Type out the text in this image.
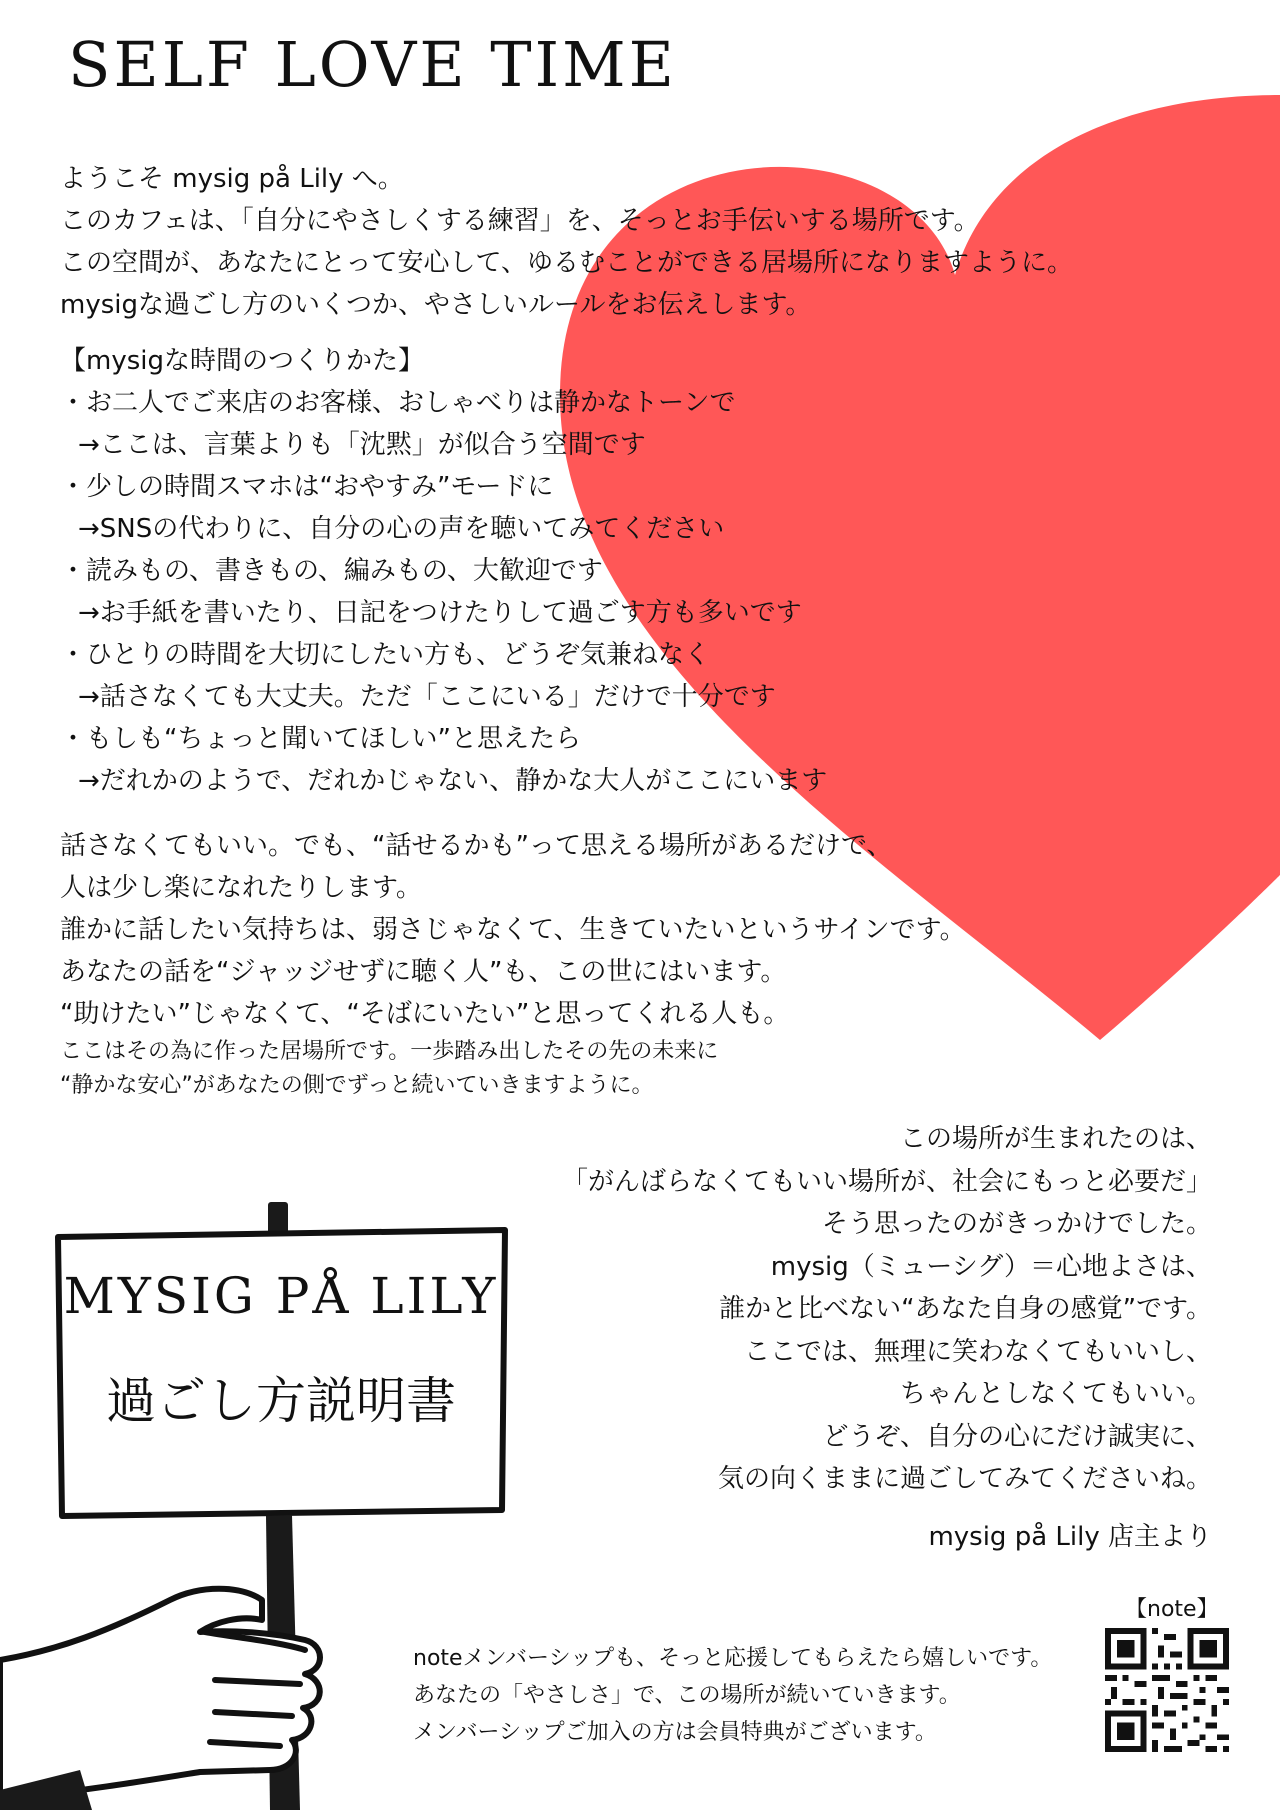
SELF LOVE TIME
ようこそ mysig på Lily へ。
このカフェは、「自分にやさしくする練習」を、そっとお手伝いする場所です。
この空間が、あなたにとって安心して、ゆるむことができる居場所になりますように。
mysigな過ごし方のいくつか、やさしいルールをお伝えします。
【mysigな時間のつくりかた】
・お二人でご来店のお客様、おしゃべりは静かなトーンで
→ここは、言葉よりも「沈黙」が似合う空間です
・少しの時間スマホは“おやすみ”モードに
→SNSの代わりに、自分の心の声を聴いてみてください
・読みもの、書きもの、編みもの、大歓迎です
→お手紙を書いたり、日記をつけたりして過ごす方も多いです
・ひとりの時間を大切にしたい方も、どうぞ気兼ねなく
→話さなくても大丈夫。ただ「ここにいる」だけで十分です
・もしも“ちょっと聞いてほしい”と思えたら
→だれかのようで、だれかじゃない、静かな大人がここにいます
話さなくてもいい。でも、“話せるかも”って思える場所があるだけで、
人は少し楽になれたりします。
誰かに話したい気持ちは、弱さじゃなくて、生きていたいというサインです。
あなたの話を“ジャッジせずに聴く人”も、この世にはいます。
“助けたい”じゃなくて、“そばにいたい”と思ってくれる人も。
ここはその為に作った居場所です。一歩踏み出したその先の未来に
“静かな安心”があなたの側でずっと続いていきますように。
この場所が生まれたのは、
「がんばらなくてもいい場所が、社会にもっと必要だ」
そう思ったのがきっかけでした。
mysig（ミューシグ）＝心地よさは、
誰かと比べない“あなた自身の感覚”です。
ここでは、無理に笑わなくてもいいし、
ちゃんとしなくてもいい。
どうぞ、自分の心にだけ誠実に、
気の向くままに過ごしてみてくださいね。
mysig på Lily 店主より
MYSIG PÅ LILY
過ごし方説明書
noteメンバーシップも、そっと応援してもらえたら嬉しいです。
あなたの「やさしさ」で、この場所が続いていきます。
メンバーシップご加入の方は会員特典がございます。
【note】
